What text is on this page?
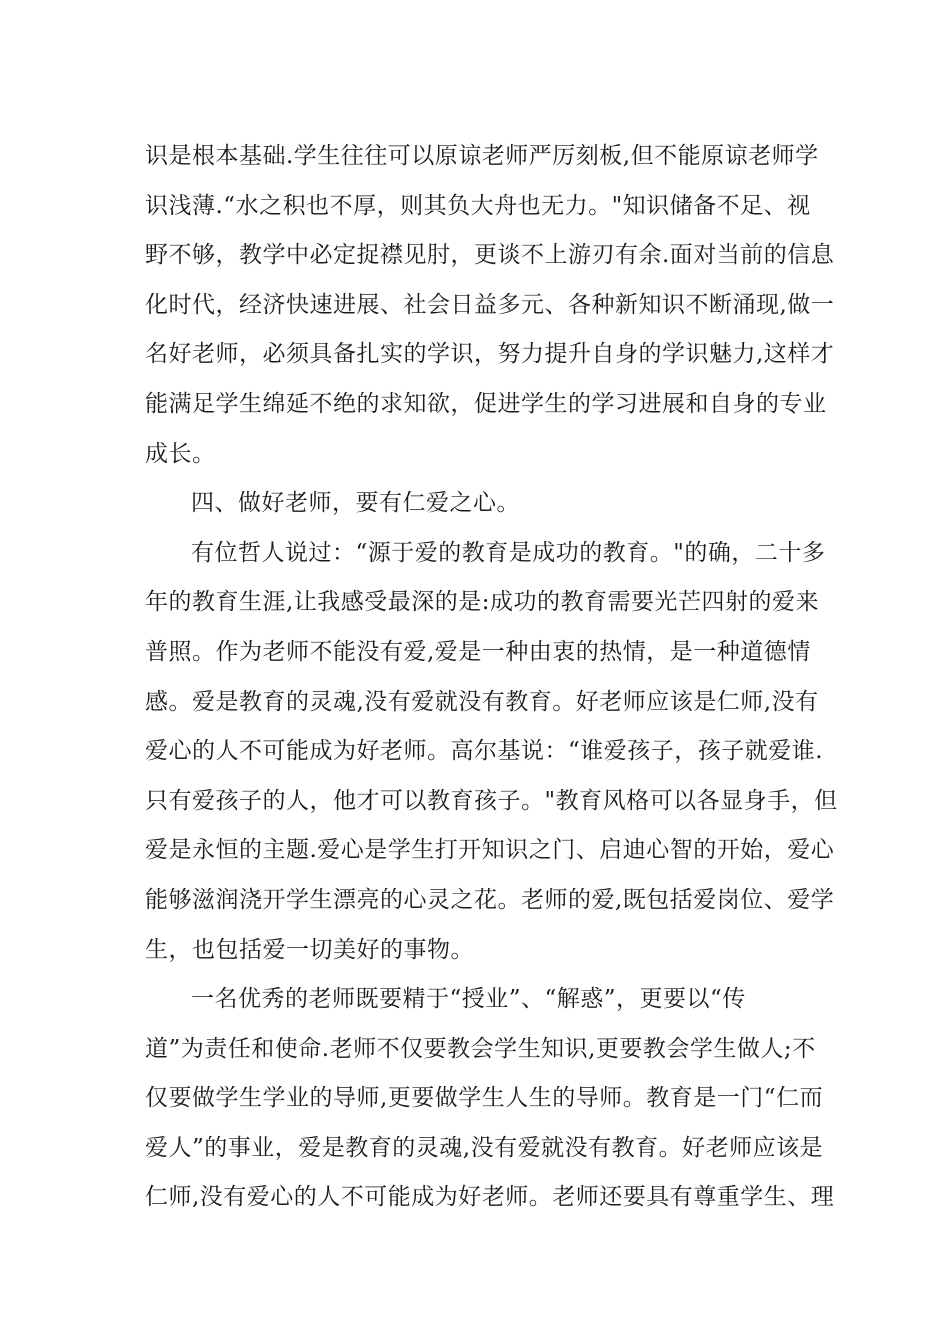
识是根本基础.学生往往可以原谅老师严厉刻板,但不能原谅老师学
识浅薄.“水之积也不厚，则其负大舟也无力。"知识储备不足、视
野不够，教学中必定捉襟见肘，更谈不上游刃有余.面对当前的信息
化时代，经济快速进展、社会日益多元、各种新知识不断涌现,做一
名好老师，必须具备扎实的学识，努力提升自身的学识魅力,这样才
能满足学生绵延不绝的求知欲，促进学生的学习进展和自身的专业
成长。
四、做好老师，要有仁爱之心。
有位哲人说过：“源于爱的教育是成功的教育。"的确，二十多
年的教育生涯,让我感受最深的是:成功的教育需要光芒四射的爱来
普照。作为老师不能没有爱,爱是一种由衷的热情，是一种道德情
感。爱是教育的灵魂,没有爱就没有教育。好老师应该是仁师,没有
爱心的人不可能成为好老师。高尔基说：“谁爱孩子，孩子就爱谁.
只有爱孩子的人，他才可以教育孩子。"教育风格可以各显身手，但
爱是永恒的主题.爱心是学生打开知识之门、启迪心智的开始，爱心
能够滋润浇开学生漂亮的心灵之花。老师的爱,既包括爱岗位、爱学
生，也包括爱一切美好的事物。
一名优秀的老师既要精于“授业”、“解惑”，更要以“传
道”为责任和使命.老师不仅要教会学生知识,更要教会学生做人;不
仅要做学生学业的导师,更要做学生人生的导师。教育是一门“仁而
爱人”的事业，爱是教育的灵魂,没有爱就没有教育。好老师应该是
仁师,没有爱心的人不可能成为好老师。老师还要具有尊重学生、理
